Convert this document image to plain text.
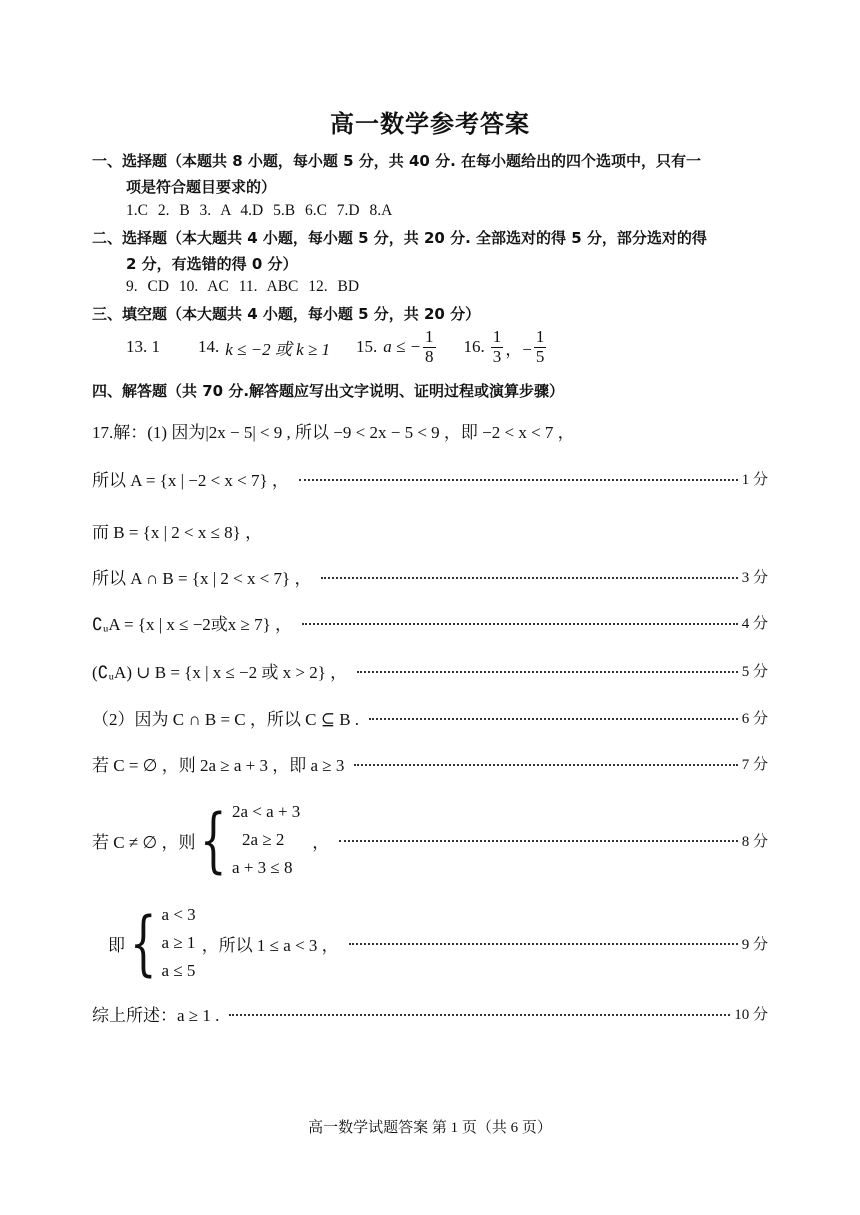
高一数学参考答案
一、选择题（本题共 8 小题，每小题 5 分，共 40 分. 在每小题给出的四个选项中，只有一
项是符合题目要求的）
1.C 2. B 3. A 4.D 5.B 6.C 7.D 8.A
二、选择题（本大题共 4 小题，每小题 5 分，共 20 分. 全部选对的得 5 分，部分选对的得
2 分，有选错的得 0 分）
9. CD 10. AC 11. ABC 12. BD
三、填空题（本大题共 4 小题，每小题 5 分，共 20 分）
13. 1 14. k ≤ −2 或 k ≥ 1 15. a ≤ − $\frac{1}{8} 16$. $\frac{1}{3}$ ，− $\frac{1}{5}$
四、解答题（共 70 分.解答题应写出文字说明、证明过程或演算步骤）
17.解：(1) 因为|2x − 5| < 9 , 所以 −9 < 2x − 5 < 9 ，即 −2 < x < 7 ，
所以 A = {x | −2 < x < 7} ，	1 分
而 B = {x | 2 < x ≤ 8} ，
所以 A ∩ B = {x | 2 < x < 7} ，	3 分
∁ᵤA = {x | x ≤ −2或x ≥ 7} ，	4 分
(∁ᵤA) ∪ B = {x | x ≤ −2 或 x > 2} ，	5 分
（2）因为 C ∩ B = C ，所以 C ⊆ B .	6 分
若 C = ∅ ，则 2a ≥ a + 3 ，即 a ≥ 3	7 分
若 C ≠ ∅ ，则 { 2a < a + 3
2a ≥ 2
a + 3 ≤ 8
，	8 分
即 { a < 3
a ≥ 1
a ≤ 5
，所以 1 ≤ a < 3 ，	9 分
综上所述：a ≥ 1 .	10 分
高一数学试题答案 第 1 页（共 6 页）
